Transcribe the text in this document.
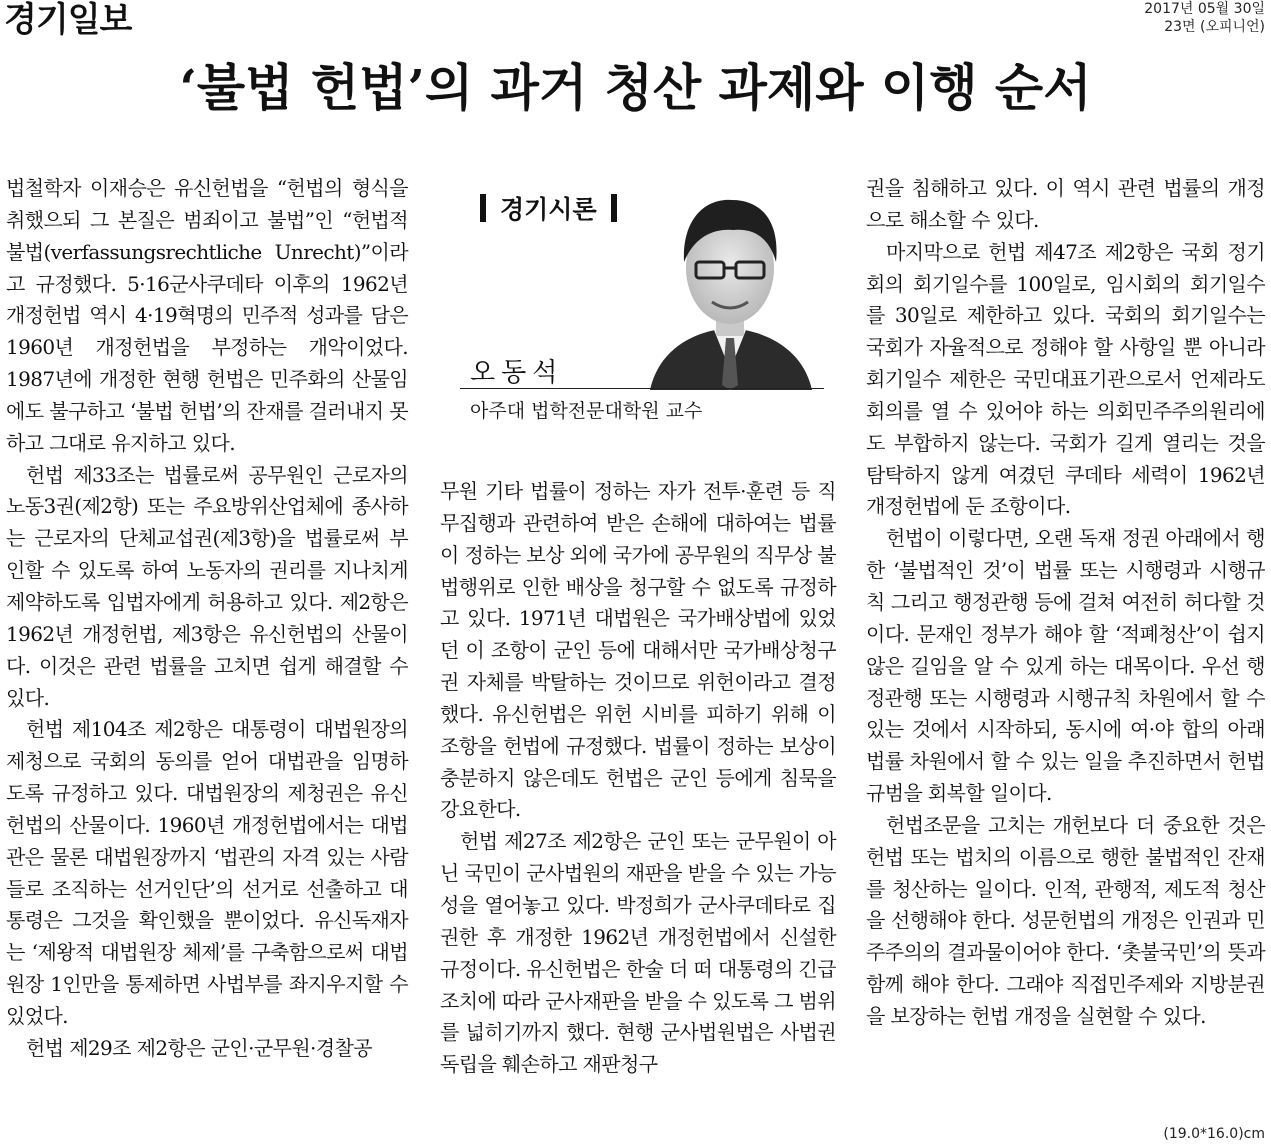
경기일보	2017년 05월 30일
23면 (오피니언)
‘불법 헌법’의 과거 청산 과제와 이행 순서

법철학자 이재승은 유신헌법을 “헌법의 형식을 취했으되 그 본질은 범죄이고 불법”인 “헌법적 불법(verfassungsrechtliche Unrecht)”이라고 규정했다. 5·16군사쿠데타 이후의 1962년 개정헌법 역시 4·19혁명의 민주적 성과를 담은 1960년 개정헌법을 부정하는 개악이었다. 1987년에 개정한 현행 헌법은 민주화의 산물임에도 불구하고 ‘불법 헌법’의 잔재를 걸러내지 못하고 그대로 유지하고 있다.

헌법 제33조는 법률로써 공무원인 근로자의 노동3권(제2항) 또는 주요방위산업체에 종사하는 근로자의 단체교섭권(제3항)을 법률로써 부인할 수 있도록 하여 노동자의 권리를 지나치게 제약하도록 입법자에게 허용하고 있다. 제2항은 1962년 개정헌법, 제3항은 유신헌법의 산물이다. 이것은 관련 법률을 고치면 쉽게 해결할 수 있다.

헌법 제104조 제2항은 대통령이 대법원장의 제청으로 국회의 동의를 얻어 대법관을 임명하도록 규정하고 있다. 대법원장의 제청권은 유신헌법의 산물이다. 1960년 개정헌법에서는 대법관은 물론 대법원장까지 ‘법관의 자격 있는 사람들로 조직하는 선거인단’의 선거로 선출하고 대통령은 그것을 확인했을 뿐이었다. 유신독재자는 ‘제왕적 대법원장 체제’를 구축함으로써 대법원장 1인만을 통제하면 사법부를 좌지우지할 수 있었다.

헌법 제29조 제2항은 군인·군무원·경찰공

경기시론
오동석
아주대 법학전문대학원 교수

무원 기타 법률이 정하는 자가 전투·훈련 등 직무집행과 관련하여 받은 손해에 대하여는 법률이 정하는 보상 외에 국가에 공무원의 직무상 불법행위로 인한 배상을 청구할 수 없도록 규정하고 있다. 1971년 대법원은 국가배상법에 있었던 이 조항이 군인 등에 대해서만 국가배상청구권 자체를 박탈하는 것이므로 위헌이라고 결정했다. 유신헌법은 위헌 시비를 피하기 위해 이 조항을 헌법에 규정했다. 법률이 정하는 보상이 충분하지 않은데도 헌법은 군인 등에게 침묵을 강요한다.

헌법 제27조 제2항은 군인 또는 군무원이 아닌 국민이 군사법원의 재판을 받을 수 있는 가능성을 열어놓고 있다. 박정희가 군사쿠데타로 집권한 후 개정한 1962년 개정헌법에서 신설한 규정이다. 유신헌법은 한술 더 떠 대통령의 긴급조치에 따라 군사재판을 받을 수 있도록 그 범위를 넓히기까지 했다. 현행 군사법원법은 사법권독립을 훼손하고 재판청구

권을 침해하고 있다. 이 역시 관련 법률의 개정으로 해소할 수 있다.

마지막으로 헌법 제47조 제2항은 국회 정기회의 회기일수를 100일로, 임시회의 회기일수를 30일로 제한하고 있다. 국회의 회기일수는 국회가 자율적으로 정해야 할 사항일 뿐 아니라 회기일수 제한은 국민대표기관으로서 언제라도 회의를 열 수 있어야 하는 의회민주주의원리에도 부합하지 않는다. 국회가 길게 열리는 것을 탐탁하지 않게 여겼던 쿠데타 세력이 1962년 개정헌법에 둔 조항이다.

헌법이 이렇다면, 오랜 독재 정권 아래에서 행한 ‘불법적인 것’이 법률 또는 시행령과 시행규칙 그리고 행정관행 등에 걸쳐 여전히 허다할 것이다. 문재인 정부가 해야 할 ‘적폐청산’이 쉽지 않은 길임을 알 수 있게 하는 대목이다. 우선 행정관행 또는 시행령과 시행규칙 차원에서 할 수 있는 것에서 시작하되, 동시에 여·야 합의 아래 법률 차원에서 할 수 있는 일을 추진하면서 헌법규범을 회복할 일이다.

헌법조문을 고치는 개헌보다 더 중요한 것은 헌법 또는 법치의 이름으로 행한 불법적인 잔재를 청산하는 일이다. 인적, 관행적, 제도적 청산을 선행해야 한다. 성문헌법의 개정은 인권과 민주주의의 결과물이어야 한다. ‘촛불국민’의 뜻과 함께 해야 한다. 그래야 직접민주제와 지방분권을 보장하는 헌법 개정을 실현할 수 있다.

(19.0*16.0)cm
